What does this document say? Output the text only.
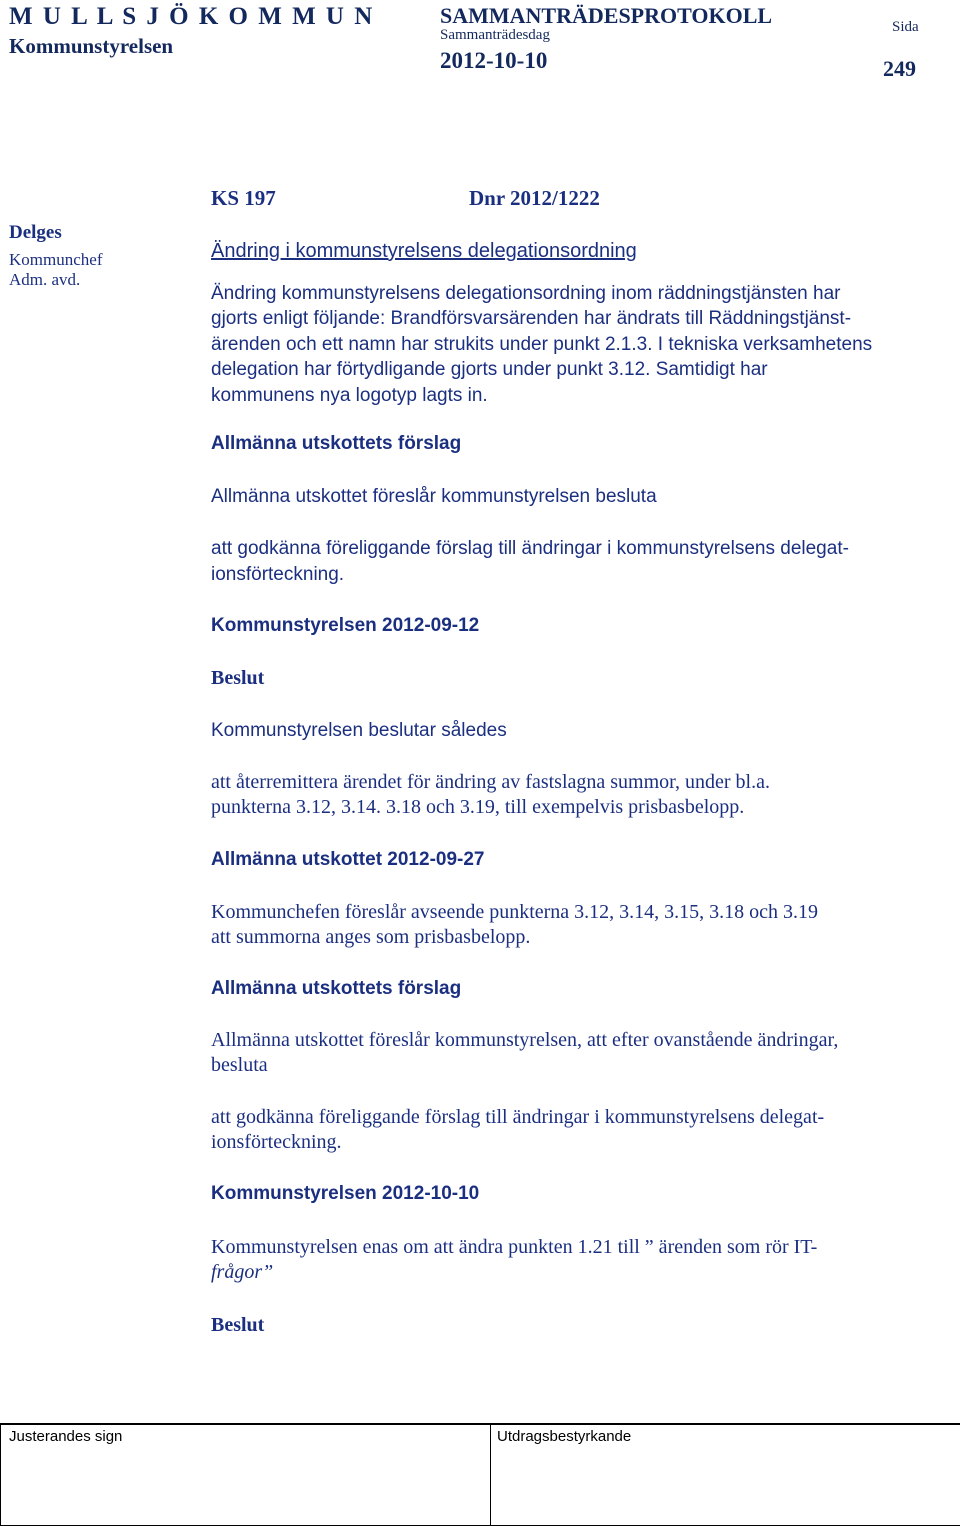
M U L L S J Ö K O M M U N
Kommunstyrelsen
SAMMANTRÄDESPROTOKOLL
Sammanträdesdag
2012-10-10
Sida
249
Delges
Kommunchef
Adm. avd.
KS 197	Dnr 2012/1222

Ändring i kommunstyrelsens delegationsordning

Ändring kommunstyrelsens delegationsordning inom räddningstjänsten har

gjorts enligt följande: Brandförsvarsärenden har ändrats till Räddningstjänst-

ärenden och ett namn har strukits under punkt 2.1.3. I tekniska verksamhetens

delegation har förtydligande gjorts under punkt 3.12. Samtidigt har

kommunens nya logotyp lagts in.

Allmänna utskottets förslag

Allmänna utskottet föreslår kommunstyrelsen besluta

att godkänna föreliggande förslag till ändringar i kommunstyrelsens delegat-

ionsförteckning.

Kommunstyrelsen 2012-09-12

Beslut

Kommunstyrelsen beslutar således

att återremittera ärendet för ändring av fastslagna summor, under bl.a.

punkterna 3.12, 3.14. 3.18 och 3.19, till exempelvis prisbasbelopp.

Allmänna utskottet 2012-09-27

Kommunchefen föreslår avseende punkterna 3.12, 3.14, 3.15, 3.18 och 3.19

att summorna anges som prisbasbelopp.

Allmänna utskottets förslag

Allmänna utskottet föreslår kommunstyrelsen, att efter ovanstående ändringar,

besluta

att godkänna föreliggande förslag till ändringar i kommunstyrelsens delegat-

ionsförteckning.

Kommunstyrelsen 2012-10-10

Kommunstyrelsen enas om att ändra punkten 1.21 till ” ärenden som rör IT-

frågor”

Beslut

Justerandes sign	Utdragsbestyrkande
